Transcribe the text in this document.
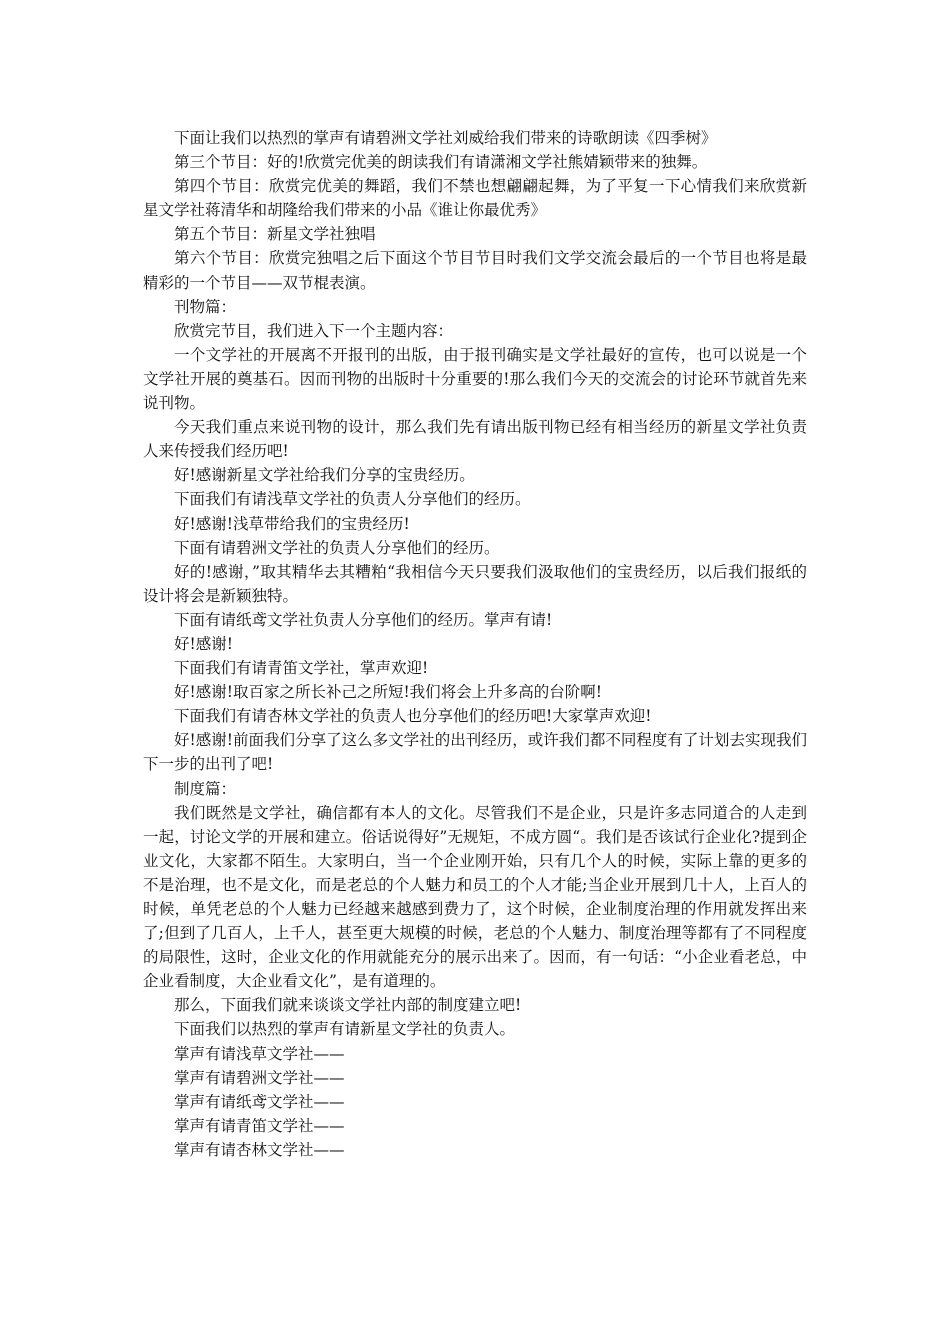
下面让我们以热烈的掌声有请碧洲文学社刘威给我们带来的诗歌朗读《四季树》

第三个节目：好的!欣赏完优美的朗读我们有请潇湘文学社熊婧颖带来的独舞。

第四个节目：欣赏完优美的舞蹈，我们不禁也想翩翩起舞，为了平复一下心情我们来欣赏新星文学社蒋清华和胡隆给我们带来的小品《谁让你最优秀》

第五个节目：新星文学社独唱

第六个节目：欣赏完独唱之后下面这个节目节目时我们文学交流会最后的一个节目也将是最精彩的一个节目——双节棍表演。

刊物篇：

欣赏完节目，我们进入下一个主题内容：

一个文学社的开展离不开报刊的出版，由于报刊确实是文学社最好的宣传，也可以说是一个文学社开展的奠基石。因而刊物的出版时十分重要的!那么我们今天的交流会的讨论环节就首先来说刊物。

今天我们重点来说刊物的设计，那么我们先有请出版刊物已经有相当经历的新星文学社负责人来传授我们经历吧!

好!感谢新星文学社给我们分享的宝贵经历。

下面我们有请浅草文学社的负责人分享他们的经历。

好!感谢!浅草带给我们的宝贵经历!

下面有请碧洲文学社的负责人分享他们的经历。

好的!感谢，”取其精华去其糟粕“我相信今天只要我们汲取他们的宝贵经历，以后我们报纸的设计将会是新颖独特。

下面有请纸鸢文学社负责人分享他们的经历。掌声有请!

好!感谢!

下面我们有请青笛文学社，掌声欢迎!

好!感谢!取百家之所长补己之所短!我们将会上升多高的台阶啊!

下面我们有请杏林文学社的负责人也分享他们的经历吧!大家掌声欢迎!

好!感谢!前面我们分享了这么多文学社的出刊经历，或许我们都不同程度有了计划去实现我们下一步的出刊了吧!

制度篇：

我们既然是文学社，确信都有本人的文化。尽管我们不是企业，只是许多志同道合的人走到一起，讨论文学的开展和建立。俗话说得好”无规矩，不成方圆“。我们是否该试行企业化?提到企业文化，大家都不陌生。大家明白，当一个企业刚开始，只有几个人的时候，实际上靠的更多的不是治理，也不是文化，而是老总的个人魅力和员工的个人才能;当企业开展到几十人，上百人的时候，单凭老总的个人魅力已经越来越感到费力了，这个时候，企业制度治理的作用就发挥出来了;但到了几百人，上千人，甚至更大规模的时候，老总的个人魅力、制度治理等都有了不同程度的局限性，这时，企业文化的作用就能充分的展示出来了。因而，有一句话：“小企业看老总，中企业看制度，大企业看文化”，是有道理的。

那么，下面我们就来谈谈文学社内部的制度建立吧!

下面我们以热烈的掌声有请新星文学社的负责人。

掌声有请浅草文学社——

掌声有请碧洲文学社——

掌声有请纸鸢文学社——

掌声有请青笛文学社——

掌声有请杏林文学社——
